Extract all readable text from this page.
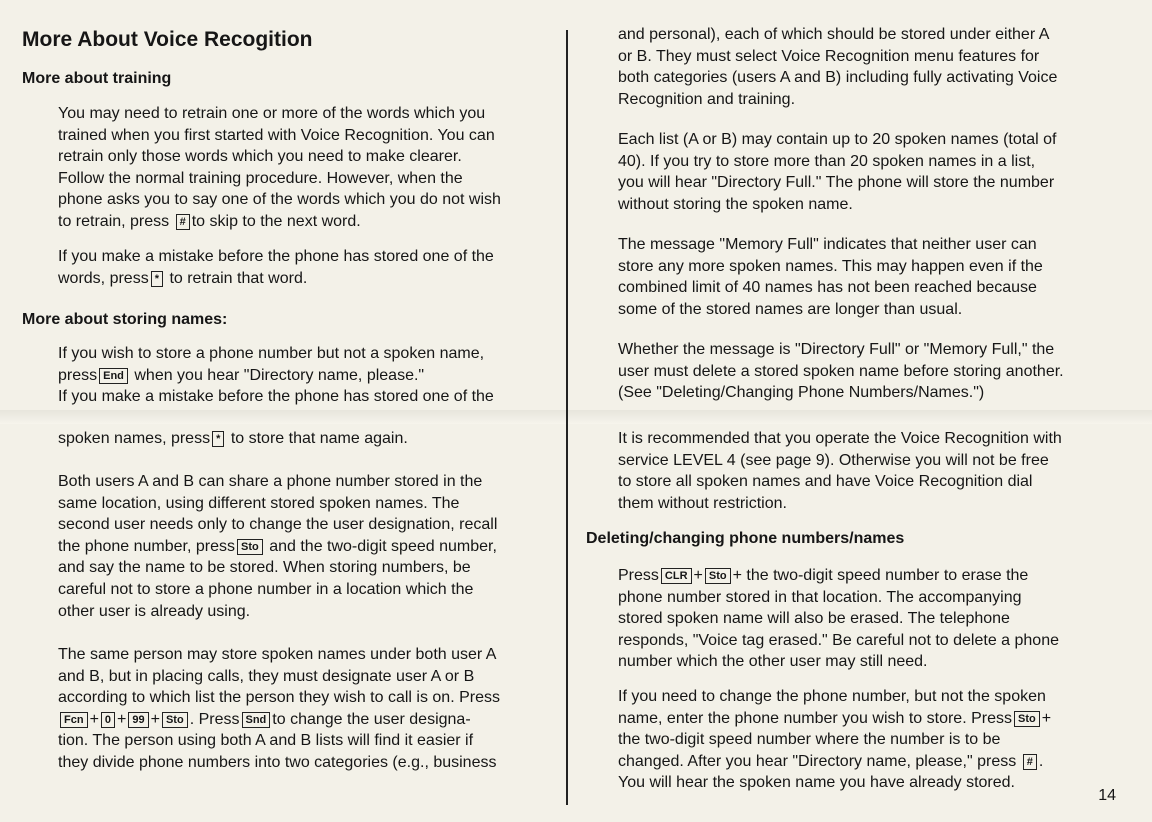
More About Voice Recogition
More about training
You may need to retrain one or more of the words which you
trained when you first started with Voice Recognition. You can
retrain only those words which you need to make clearer.
Follow the normal training procedure. However, when the
phone asks you to say one of the words which you do not wish
to retrain, press # to skip to the next word.
If you make a mistake before the phone has stored one of the
words, press * to retrain that word.
More about storing names:
If you wish to store a phone number but not a spoken name,
press End when you hear "Directory name, please."
If you make a mistake before the phone has stored one of the
spoken names, press * to store that name again.
Both users A and B can share a phone number stored in the
same location, using different stored spoken names. The
second user needs only to change the user designation, recall
the phone number, press Sto and the two-digit speed number,
and say the name to be stored. When storing numbers, be
careful not to store a phone number in a location which the
other user is already using.
The same person may store spoken names under both user A
and B, but in placing calls, they must designate user A or B
according to which list the person they wish to call is on. Press
Fcn + 0 + 99 + Sto . Press Snd to change the user designa-
tion. The person using both A and B lists will find it easier if
they divide phone numbers into two categories (e.g., business
and personal), each of which should be stored under either A
or B. They must select Voice Recognition menu features for
both categories (users A and B) including fully activating Voice
Recognition and training.
Each list (A or B) may contain up to 20 spoken names (total of
40). If you try to store more than 20 spoken names in a list,
you will hear "Directory Full." The phone will store the number
without storing the spoken name.
The message "Memory Full" indicates that neither user can
store any more spoken names. This may happen even if the
combined limit of 40 names has not been reached because
some of the stored names are longer than usual.
Whether the message is "Directory Full" or "Memory Full," the
user must delete a stored spoken name before storing another.
(See "Deleting/Changing Phone Numbers/Names.")
It is recommended that you operate the Voice Recognition with
service LEVEL 4 (see page 9). Otherwise you will not be free
to store all spoken names and have Voice Recognition dial
them without restriction.
Deleting/changing phone numbers/names
Press CLR + Sto + the two-digit speed number to erase the
phone number stored in that location. The accompanying
stored spoken name will also be erased. The telephone
responds, "Voice tag erased." Be careful not to delete a phone
number which the other user may still need.
If you need to change the phone number, but not the spoken
name, enter the phone number you wish to store. Press Sto +
the two-digit speed number where the number is to be
changed. After you hear "Directory name, please," press # .
You will hear the spoken name you have already stored.
14
